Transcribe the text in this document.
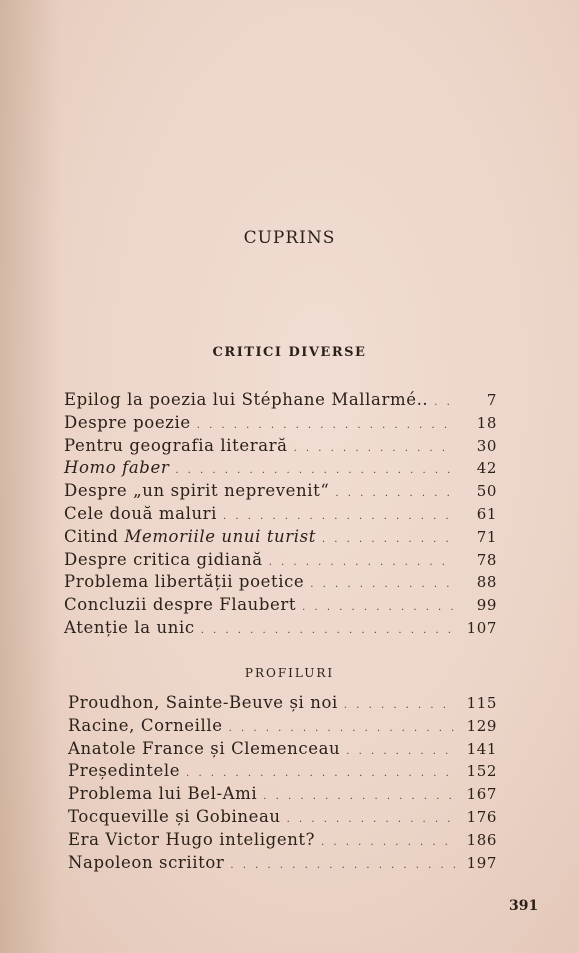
CUPRINS
CRITICI DIVERSE
Epilog la poezia lui Stéphane Mallarmé.. . . .	7
Despre poezie . . .	18
Pentru geografia literară . . .	30
Homo faber . . .	42
Despre „un spirit neprevenit“ . . .	50
Cele două maluri . . .	61
Citind Memoriile unui turist . . .	71
Despre critica gidiană . . .	78
Problema libertății poetice . . .	88
Concluzii despre Flaubert . . .	99
Atenție la unic . . .	107
PROFILURI
Proudhon, Sainte-Beuve și noi . . .	115
Racine, Corneille . . .	129
Anatole France și Clemenceau . . .	141
Președintele . . .	152
Problema lui Bel-Ami . . .	167
Tocqueville și Gobineau . . .	176
Era Victor Hugo inteligent? . . .	186
Napoleon scriitor . . .	197
391
